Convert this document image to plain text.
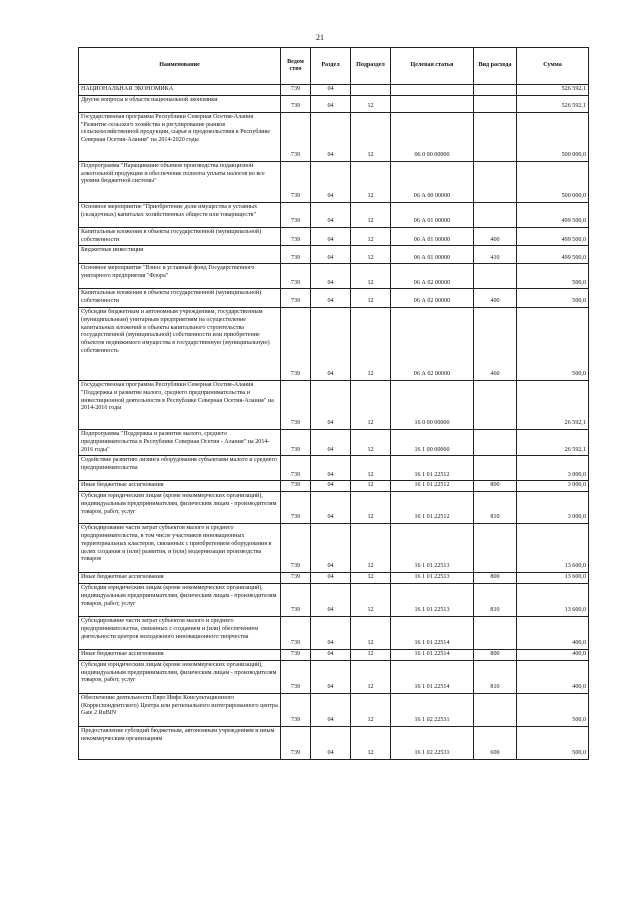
21
Наименование	Ведом ство	Раздел	Подраздел	Целевая статья	Вид расхода	Сумма
НАЦИОНАЛЬНАЯ ЭКОНОМИКА	739	04				526 592,1
Другие вопросы в области национальной экономики	739	04	12			526 592,1
Государственная программа Республики Северная Осетия-Алания "Развитие сельского хозяйства и регулирование рынков сельскохозяйственной продукции, сырья и продовольствия в Республике Северная Осетия-Алания" на 2014-2020 годы	739	04	12	06 0 00 00000		500 000,0
Подпрограмма "Наращивание объемов производства подакцизной алкогольной продукции и обеспечение полноты уплаты налогов во все уровни бюджетной системы"	739	04	12	06 А 00 00000		500 000,0
Основное мероприятие "Приобретение доли имущества в уставных (складочных) капиталах хозяйственных обществ или товариществ"	739	04	12	06 А 01 00000		499 500,0
Капитальные вложения в объекты государственной (муниципальной) собственности	739	04	12	06 А 01 00000	400	499 500,0
Бюджетные инвестиции	739	04	12	06 А 01 00000	410	499 500,0
Основное мероприятие "Взнос в уставный фонд Государственного унитарного предприятия "Флора"	739	04	12	06 А 02 00000		500,0
Капитальные вложения в объекты государственной (муниципальной) собственности	739	04	12	06 А 02 00000	400	500,0
Субсидии бюджетным и автономным учреждениям, государственным (муниципальным) унитарным предприятиям на осуществление капитальных вложений в объекты капитального строительства государственной (муниципальной) собственности или приобретение объектов недвижимого имущества в государственную (муниципальную) собственность	739	04	12	06 А 02 00000	460	500,0
Государственная программа Республики Северная Осетия-Алания "Поддержка и развитие малого, среднего предпринимательства и инвестиционной деятельности в Республике Северная Осетия-Алания" на 2014-2016 годы	739	04	12	16 0 00 00000		26 592,1
Подпрограмма "Поддержка и развитие малого, среднего предпринимательства в Республике Северная Осетия - Алания" на 2014-2016 годы"	739	04	12	16 1 00 00000		26 592,1
Содействие развитию лизинга оборудования субъектами малого и среднего предпринимательства	739	04	12	16 1 01 22512		3 000,0
Иные бюджетные ассигнования	739	04	12	16 1 01 22512	800	3 000,0
Субсидии юридическим лицам (кроме некоммерческих организаций), индивидуальным предпринимателям, физическим лицам - производителям товаров, работ, услуг	739	04	12	16 1 01 22512	810	3 000,0
Субсидирование части затрат субъектов малого и среднего предпринимательства, в том числе участников инновационных территориальных кластеров, связанных с приобретением оборудования в целях создания и (или) развития, и (или) модернизации производства товаров	739	04	12	16 1 01 22513		13 600,0
Иные бюджетные ассигнования	739	04	12	16 1 01 22513	800	13 600,0
Субсидии юридическим лицам (кроме некоммерческих организаций), индивидуальным предпринимателям, физическим лицам - производителям товаров, работ, услуг	739	04	12	16 1 01 22513	810	13 600,0
Субсидирование части затрат субъектов малого и среднего предпринимательства, связанных с созданием и (или) обеспечением деятельности центров молодежного инновационного творчества	739	04	12	16 1 01 22514		400,0
Иные бюджетные ассигнования	739	04	12	16 1 01 22514	800	400,0
Субсидии юридическим лицам (кроме некоммерческих организаций), индивидуальным предпринимателям, физическим лицам - производителям товаров, работ, услуг	739	04	12	16 1 01 22514	810	400,0
Обеспечение деятельности Евро Инфо Консультационного (Корреспондентского) Центра или регионального интегрированного центра Gate 2 RuBIN	739	04	12	16 1 02 22531		500,0
Предоставление субсидий бюджетным, автономным учреждениям и иным некоммерческим организациям	739	04	12	16 1 02 22531	600	500,0
